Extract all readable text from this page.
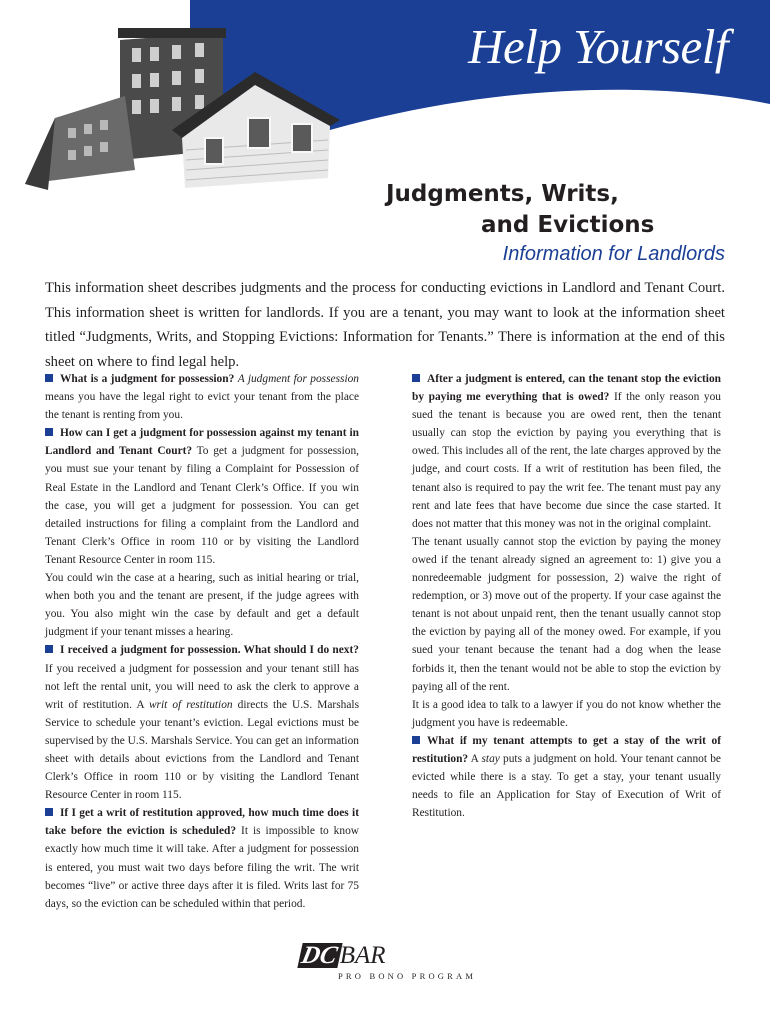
Help Yourself
Judgments, Writs,
and Evictions
Information for Landlords

This information sheet describes judgments and the process for conducting evictions in Landlord and Tenant Court. This information sheet is written for landlords. If you are a tenant, you may want to look at the information sheet titled “Judgments, Writs, and Stopping Evictions: Information for Tenants.” There is information at the end of this sheet on where to find legal help.

What is a judgment for possession? A judgment for possession means you have the legal right to evict your tenant from the place the tenant is renting from you.

How can I get a judgment for possession against my tenant in Landlord and Tenant Court? To get a judgment for possession, you must sue your tenant by filing a Complaint for Possession of Real Estate in the Landlord and Tenant Clerk’s Office. If you win the case, you will get a judgment for possession. You can get detailed instructions for filing a complaint from the Landlord and Tenant Clerk’s Office in room 110 or by visiting the Landlord Tenant Resource Center in room 115.

You could win the case at a hearing, such as initial hearing or trial, when both you and the tenant are present, if the judge agrees with you. You also might win the case by default and get a default judgment if your tenant misses a hearing.

I received a judgment for possession. What should I do next? If you received a judgment for possession and your tenant still has not left the rental unit, you will need to ask the clerk to approve a writ of restitution. A writ of restitution directs the U.S. Marshals Service to schedule your tenant’s eviction. Legal evictions must be supervised by the U.S. Marshals Service. You can get an information sheet with details about evictions from the Landlord and Tenant Clerk’s Office in room 110 or by visiting the Landlord Tenant Resource Center in room 115.

If I get a writ of restitution approved, how much time does it take before the eviction is scheduled? It is impossible to know exactly how much time it will take. After a judgment for possession is entered, you must wait two days before filing the writ. The writ becomes “live” or active three days after it is filed. Writs last for 75 days, so the eviction can be scheduled within that period.

After a judgment is entered, can the tenant stop the eviction by paying me everything that is owed? If the only reason you sued the tenant is because you are owed rent, then the tenant usually can stop the eviction by paying you everything that is owed. This includes all of the rent, the late charges approved by the judge, and court costs. If a writ of restitution has been filed, the tenant also is required to pay the writ fee. The tenant must pay any rent and late fees that have become due since the case started. It does not matter that this money was not in the original complaint.

The tenant usually cannot stop the eviction by paying the money owed if the tenant already signed an agreement to: 1) give you a nonredeemable judgment for possession, 2) waive the right of redemption, or 3) move out of the property. If your case against the tenant is not about unpaid rent, then the tenant usually cannot stop the eviction by paying all of the money owed. For example, if you sued your tenant because the tenant had a dog when the lease forbids it, then the tenant would not be able to stop the eviction by paying all of the rent.

It is a good idea to talk to a lawyer if you do not know whether the judgment you have is redeemable.

What if my tenant attempts to get a stay of the writ of restitution? A stay puts a judgment on hold. Your tenant cannot be evicted while there is a stay. To get a stay, your tenant usually needs to file an Application for Stay of Execution of Writ of Restitution.

DCBAR
PRO BONO PROGRAM
